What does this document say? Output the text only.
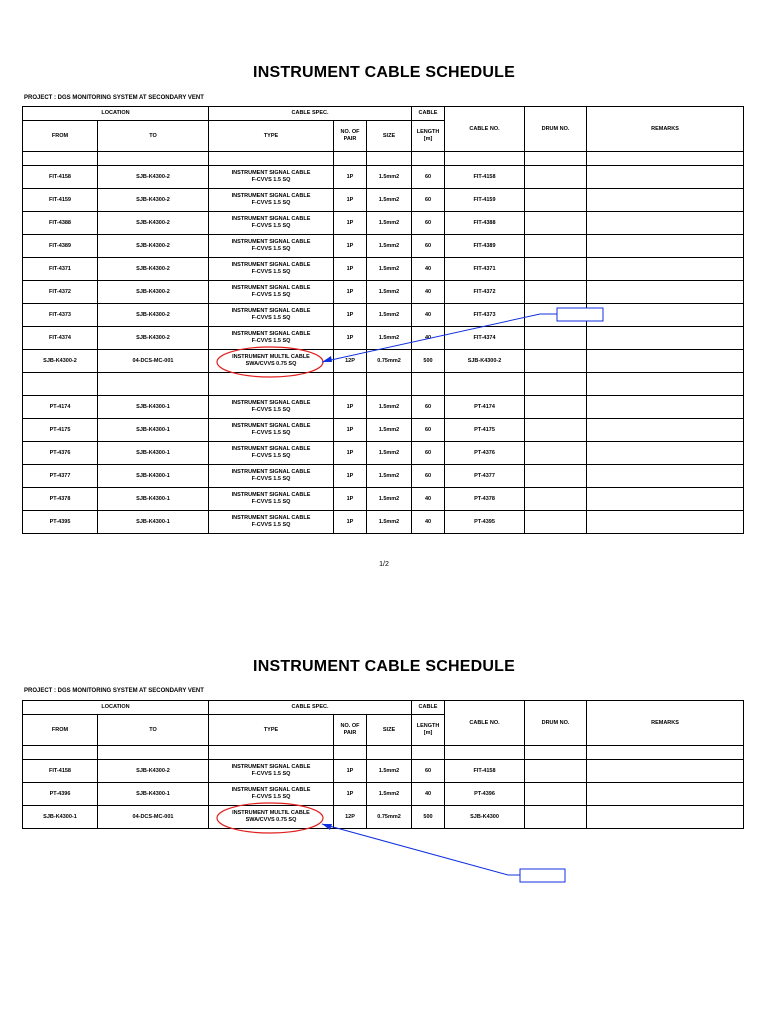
INSTRUMENT CABLE SCHEDULE
PROJECT : DGS MONITORING SYSTEM AT SECONDARY VENT
LOCATION		CABLE SPEC.			CABLE	CABLE NO.	DRUM NO.	REMARKS
FROM	TO	TYPE	NO. OF
PAIR	SIZE	LENGTH
[m]			

FIT-4158	SJB-K4300-2	INSTRUMENT SIGNAL CABLE
F-CVVS 1.5 SQ	1P	1.5mm2	60	FIT-4158		
FIT-4159	SJB-K4300-2	INSTRUMENT SIGNAL CABLE
F-CVVS 1.5 SQ	1P	1.5mm2	60	FIT-4159		
FIT-4388	SJB-K4300-2	INSTRUMENT SIGNAL CABLE
F-CVVS 1.5 SQ	1P	1.5mm2	60	FIT-4388		
FIT-4389	SJB-K4300-2	INSTRUMENT SIGNAL CABLE
F-CVVS 1.5 SQ	1P	1.5mm2	60	FIT-4389		
FIT-4371	SJB-K4300-2	INSTRUMENT SIGNAL CABLE
F-CVVS 1.5 SQ	1P	1.5mm2	40	FIT-4371		
FIT-4372	SJB-K4300-2	INSTRUMENT SIGNAL CABLE
F-CVVS 1.5 SQ	1P	1.5mm2	40	FIT-4372		
FIT-4373	SJB-K4300-2	INSTRUMENT SIGNAL CABLE
F-CVVS 1.5 SQ	1P	1.5mm2	40	FIT-4373		
FIT-4374	SJB-K4300-2	INSTRUMENT SIGNAL CABLE
F-CVVS 1.5 SQ	1P	1.5mm2	40	FIT-4374		
SJB-K4300-2	04-DCS-MC-001	INSTRUMENT MULTIL CABLE
SWA/CVVS 0.75 SQ	12P	0.75mm2	500	SJB-K4300-2		

PT-4174	SJB-K4300-1	INSTRUMENT SIGNAL CABLE
F-CVVS 1.5 SQ	1P	1.5mm2	60	PT-4174		
PT-4175	SJB-K4300-1	INSTRUMENT SIGNAL CABLE
F-CVVS 1.5 SQ	1P	1.5mm2	60	PT-4175		
PT-4376	SJB-K4300-1	INSTRUMENT SIGNAL CABLE
F-CVVS 1.5 SQ	1P	1.5mm2	60	PT-4376		
PT-4377	SJB-K4300-1	INSTRUMENT SIGNAL CABLE
F-CVVS 1.5 SQ	1P	1.5mm2	60	PT-4377		
PT-4378	SJB-K4300-1	INSTRUMENT SIGNAL CABLE
F-CVVS 1.5 SQ	1P	1.5mm2	40	PT-4378		
PT-4395	SJB-K4300-1	INSTRUMENT SIGNAL CABLE
F-CVVS 1.5 SQ	1P	1.5mm2	40	PT-4395		
1/2
INSTRUMENT CABLE SCHEDULE
PROJECT : DGS MONITORING SYSTEM AT SECONDARY VENT
LOCATION		CABLE SPEC.			CABLE	CABLE NO.	DRUM NO.	REMARKS
FROM	TO	TYPE	NO. OF
PAIR	SIZE	LENGTH
[m]			

FIT-4158	SJB-K4300-2	INSTRUMENT SIGNAL CABLE
F-CVVS 1.5 SQ	1P	1.5mm2	60	FIT-4158		
PT-4396	SJB-K4300-1	INSTRUMENT SIGNAL CABLE
F-CVVS 1.5 SQ	1P	1.5mm2	40	PT-4396		
SJB-K4300-1	04-DCS-MC-001	INSTRUMENT MULTIL CABLE
SWA/CVVS 0.75 SQ	12P	0.75mm2	500	SJB-K4300		
